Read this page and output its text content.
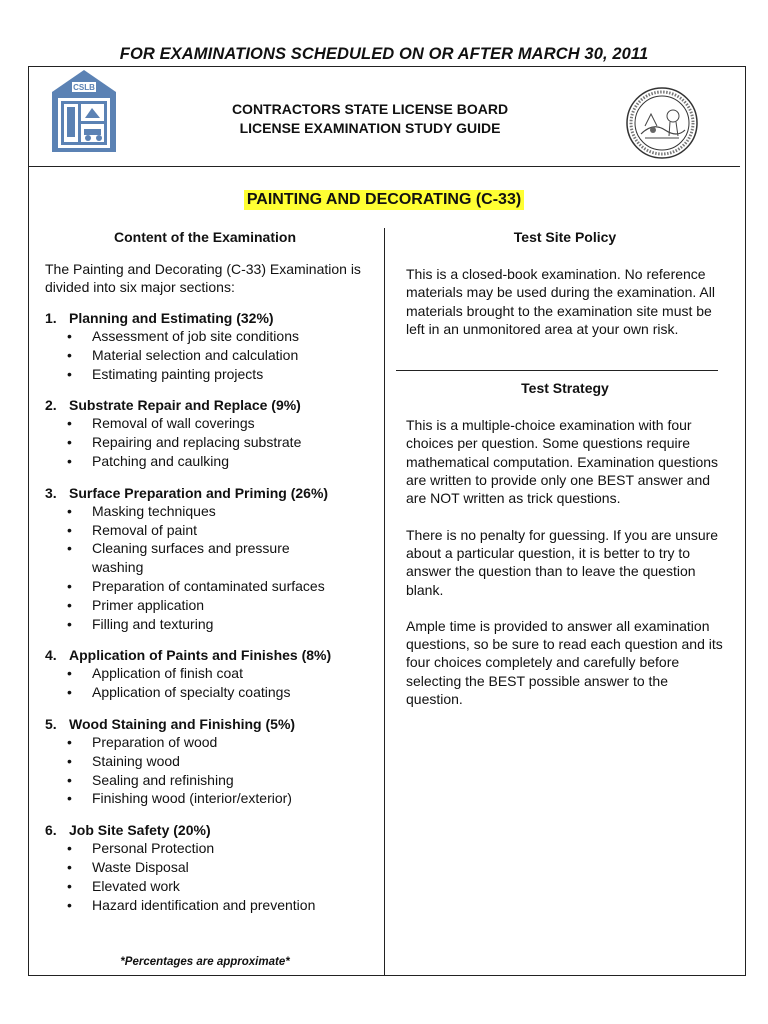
FOR EXAMINATIONS SCHEDULED ON OR AFTER MARCH 30, 2011
CSLB
CONTRACTORS STATE LICENSE BOARD
LICENSE EXAMINATION STUDY GUIDE
PAINTING AND DECORATING (C-33)

Content of the Examination

The Painting and Decorating (C-33) Examination is divided into six major sections:

1. Planning and Estimating (32%)
• Assessment of job site conditions
• Material selection and calculation
• Estimating painting projects
2. Substrate Repair and Replace (9%)
• Removal of wall coverings
• Repairing and replacing substrate
• Patching and caulking
3. Surface Preparation and Priming (26%)
• Masking techniques
• Removal of paint
• Cleaning surfaces and pressure washing
• Preparation of contaminated surfaces
• Primer application
• Filling and texturing
4. Application of Paints and Finishes (8%)
• Application of finish coat
• Application of specialty coatings
5. Wood Staining and Finishing (5%)
• Preparation of wood
• Staining wood
• Sealing and refinishing
• Finishing wood (interior/exterior)
6. Job Site Safety (20%)
• Personal Protection
• Waste Disposal
• Elevated work
• Hazard identification and prevention
*Percentages are approximate*

Test Site Policy

This is a closed-book examination. No reference materials may be used during the examination. All materials brought to the examination site must be left in an unmonitored area at your own risk.

Test Strategy

This is a multiple-choice examination with four choices per question. Some questions require mathematical computation. Examination questions are written to provide only one BEST answer and are NOT written as trick questions.

There is no penalty for guessing. If you are unsure about a particular question, it is better to try to answer the question than to leave the question blank.

Ample time is provided to answer all examination questions, so be sure to read each question and its four choices completely and carefully before selecting the BEST possible answer to the question.
